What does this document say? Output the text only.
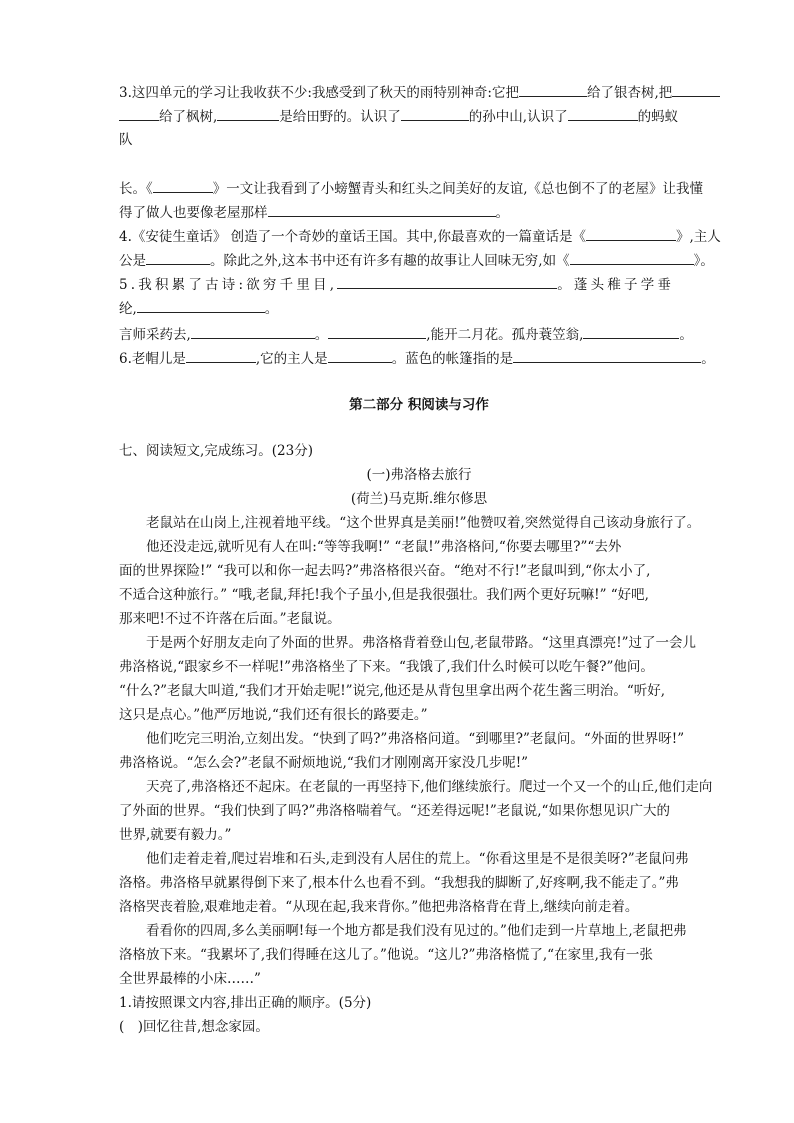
3.这四单元的学习让我收获不少:我感受到了秋天的雨特别神奇:它把	给了银杏树,把
给了枫树,	是给田野的。认识了	的孙中山,认识了	的蚂蚁
队
长。《	》一文让我看到了小螃蟹青头和红头之间美好的友谊,《总也倒不了的老屋》让我懂
得了做人也要像老屋那样	。
4.《安徒生童话》 创造了一个奇妙的童话王国。其中,你最喜欢的一篇童话是《	》,主人
公是	。除此之外,这本书中还有许多有趣的故事让人回味无穷,如《	》。
5.我积累了古诗:欲穷千里目,	。蓬头稚子学垂
纶,	。
言师采药去,	。	,能开二月花。孤舟蓑笠翁,	。
6.老帽儿是	,它的主人是	。蓝色的帐篷指的是	。
第二部分 积阅读与习作
七、阅读短文,完成练习。(23分)
(一)弗洛格去旅行
(荷兰)马克斯.维尔修思
　　老鼠站在山岗上,注视着地平线。“这个世界真是美丽!”他赞叹着,突然觉得自己该动身旅行了。
　　他还没走远,就听见有人在叫:“等等我啊!” “老鼠!”弗洛格问,“你要去哪里?”“去外
面的世界探险!” “我可以和你一起去吗?”弗洛格很兴奋。“绝对不行!”老鼠叫到,“你太小了,
不适合这种旅行。” “哦,老鼠,拜托!我个子虽小,但是我很强壮。我们两个更好玩嘛!” “好吧,
那来吧!不过不许落在后面。”老鼠说。
　　于是两个好朋友走向了外面的世界。弗洛格背着登山包,老鼠带路。“这里真漂亮!”过了一会儿
弗洛格说,“跟家乡不一样呢!”弗洛格坐了下来。“我饿了,我们什么时候可以吃午餐?”他问。
“什么?”老鼠大叫道,“我们才开始走呢!”说完,他还是从背包里拿出两个花生酱三明治。“听好,
这只是点心。”他严厉地说,“我们还有很长的路要走。”
　　他们吃完三明治,立刻出发。“快到了吗?”弗洛格问道。“到哪里?”老鼠问。“外面的世界呀!”
弗洛格说。“怎么会?”老鼠不耐烦地说,“我们才刚刚离开家没几步呢!”
　　天亮了,弗洛格还不起床。在老鼠的一再坚持下,他们继续旅行。爬过一个又一个的山丘,他们走向
了外面的世界。“我们快到了吗?”弗洛格喘着气。“还差得远呢!”老鼠说,“如果你想见识广大的
世界,就要有毅力。”
　　他们走着走着,爬过岩堆和石头,走到没有人居住的荒上。“你看这里是不是很美呀?”老鼠问弗
洛格。弗洛格早就累得倒下来了,根本什么也看不到。“我想我的脚断了,好疼啊,我不能走了。”弗
洛格哭丧着脸,艰难地走着。“从现在起,我来背你。”他把弗洛格背在背上,继续向前走着。
　　看看你的四周,多么美丽啊!每一个地方都是我们没有见过的。”他们走到一片草地上,老鼠把弗
洛格放下来。“我累坏了,我们得睡在这儿了。”他说。“这儿?”弗洛格慌了,“在家里,我有一张
全世界最棒的小床……”
1.请按照课文内容,排出正确的顺序。(5分)
(　)回忆往昔,想念家园。
